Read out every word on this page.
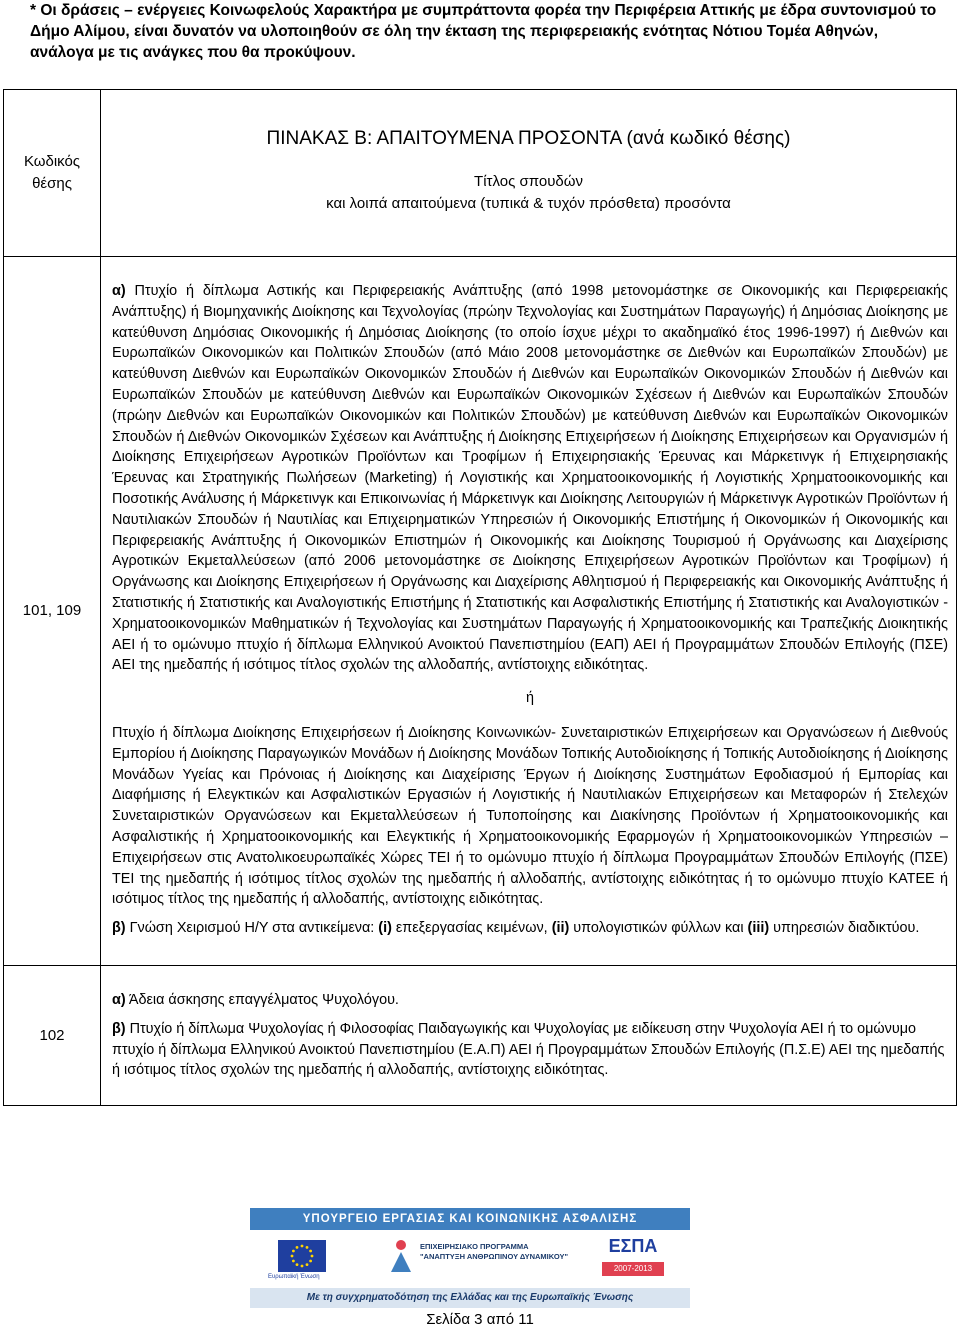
* Οι δράσεις – ενέργειες Κοινωφελούς Χαρακτήρα με συμπράττοντα φορέα την Περιφέρεια Αττικής με έδρα συντονισμού το Δήμο Αλίμου, είναι δυνατόν να υλοποιηθούν σε όλη την έκταση της περιφερειακής ενότητας Νότιου Τομέα Αθηνών, ανάλογα με τις ανάγκες που θα προκύψουν.
Κωδικός θέσης	ΠΙΝΑΚΑΣ Β: ΑΠΑΙΤΟΥΜΕΝΑ ΠΡΟΣΟΝΤΑ (ανά κωδικό θέσης)
Τίτλος σπουδών
και λοιπά απαιτούμενα (τυπικά & τυχόν πρόσθετα) προσόντα

101, 109	α) Πτυχίο ή δίπλωμα Αστικής και Περιφερειακής Ανάπτυξης (από 1998 μετονομάστηκε σε Οικονομικής και Περιφερειακής Ανάπτυξης) ή Βιομηχανικής Διοίκησης και Τεχνολογίας (πρώην Τεχνολογίας και Συστημάτων Παραγωγής) ή Δημόσιας Διοίκησης με κατεύθυνση Δημόσιας Οικονομικής ή Δημόσιας Διοίκησης (το οποίο ίσχυε μέχρι το ακαδημαϊκό έτος 1996-1997) ή Διεθνών και Ευρωπαϊκών Οικονομικών και Πολιτικών Σπουδών (από Μάιο 2008 μετονομάστηκε σε Διεθνών και Ευρωπαϊκών Σπουδών) με κατεύθυνση Διεθνών και Ευρωπαϊκών Οικονομικών Σπουδών ή Διεθνών και Ευρωπαϊκών Οικονομικών Σπουδών ή Διεθνών και Ευρωπαϊκών Σπουδών με κατεύθυνση Διεθνών και Ευρωπαϊκών Οικονομικών Σχέσεων ή Διεθνών και Ευρωπαϊκών Σπουδών (πρώην Διεθνών και Ευρωπαϊκών Οικονομικών και Πολιτικών Σπουδών) με κατεύθυνση Διεθνών και Ευρωπαϊκών Οικονομικών Σπουδών ή Διεθνών Οικονομικών Σχέσεων και Ανάπτυξης ή Διοίκησης Επιχειρήσεων ή Διοίκησης Επιχειρήσεων και Οργανισμών ή Διοίκησης Επιχειρήσεων Αγροτικών Προϊόντων και Τροφίμων ή Επιχειρησιακής Έρευνας και Μάρκετινγκ ή Επιχειρησιακής Έρευνας και Στρατηγικής Πωλήσεων (Marketing) ή Λογιστικής και Χρηματοοικονομικής ή Λογιστικής Χρηματοοικονομικής και Ποσοτικής Ανάλυσης ή Μάρκετινγκ και Επικοινωνίας ή Μάρκετινγκ και Διοίκησης Λειτουργιών ή Μάρκετινγκ Αγροτικών Προϊόντων ή Ναυτιλιακών Σπουδών ή Ναυτιλίας και Επιχειρηματικών Υπηρεσιών ή Οικονομικής Επιστήμης ή Οικονομικών ή Οικονομικής και Περιφερειακής Ανάπτυξης ή Οικονομικών Επιστημών ή Οικονομικής και Διοίκησης Τουρισμού ή Οργάνωσης και Διαχείρισης Αγροτικών Εκμεταλλεύσεων (από 2006 μετονομάστηκε σε Διοίκησης Επιχειρήσεων Αγροτικών Προϊόντων και Τροφίμων) ή Οργάνωσης και Διοίκησης Επιχειρήσεων ή Οργάνωσης και Διαχείρισης Αθλητισμού ή Περιφερειακής και Οικονομικής Ανάπτυξης ή Στατιστικής ή Στατιστικής και Αναλογιστικής Επιστήμης ή Στατιστικής και Ασφαλιστικής Επιστήμης ή Στατιστικής και Αναλογιστικών - Χρηματοοικονομικών Μαθηματικών ή Τεχνολογίας και Συστημάτων Παραγωγής ή Χρηματοοικονομικής και Τραπεζικής Διοικητικής ΑΕΙ ή το ομώνυμο πτυχίο ή δίπλωμα Ελληνικού Ανοικτού Πανεπιστημίου (ΕΑΠ) ΑΕΙ ή Προγραμμάτων Σπουδών Επιλογής (ΠΣΕ) ΑΕΙ της ημεδαπής ή ισότιμος τίτλος σχολών της αλλοδαπής, αντίστοιχης ειδικότητας.

ή

Πτυχίο ή δίπλωμα Διοίκησης Επιχειρήσεων ή Διοίκησης Κοινωνικών- Συνεταιριστικών Επιχειρήσεων και Οργανώσεων ή Διεθνούς Εμπορίου ή Διοίκησης Παραγωγικών Μονάδων ή Διοίκησης Μονάδων Τοπικής Αυτοδιοίκησης ή Τοπικής Αυτοδιοίκησης ή Διοίκησης Μονάδων Υγείας και Πρόνοιας ή Διοίκησης και Διαχείρισης Έργων ή Διοίκησης Συστημάτων Εφοδιασμού ή Εμπορίας και Διαφήμισης ή Ελεγκτικών και Ασφαλιστικών Εργασιών ή Λογιστικής ή Ναυτιλιακών Επιχειρήσεων και Μεταφορών ή Στελεχών Συνεταιριστικών Οργανώσεων και Εκμεταλλεύσεων ή Τυποποίησης και Διακίνησης Προϊόντων ή Χρηματοοικονομικής και Ασφαλιστικής ή Χρηματοοικονομικής και Ελεγκτικής ή Χρηματοοικονομικής Εφαρμογών ή Χρηματοοικονομικών Υπηρεσιών – Επιχειρήσεων στις Ανατολικοευρωπαϊκές Χώρες ΤΕΙ ή το ομώνυμο πτυχίο ή δίπλωμα Προγραμμάτων Σπουδών Επιλογής (ΠΣΕ) ΤΕΙ της ημεδαπής ή ισότιμος τίτλος σχολών της ημεδαπής ή αλλοδαπής, αντίστοιχης ειδικότητας ή το ομώνυμο πτυχίο ΚΑΤΕΕ ή ισότιμος τίτλος της ημεδαπής ή αλλοδαπής, αντίστοιχης ειδικότητας.

β) Γνώση Χειρισμού Η/Υ στα αντικείμενα: (i) επεξεργασίας κειμένων, (ii) υπολογιστικών φύλλων και (iii) υπηρεσιών διαδικτύου.

102	α) Άδεια άσκησης επαγγέλματος Ψυχολόγου.

β) Πτυχίο ή δίπλωμα Ψυχολογίας ή Φιλοσοφίας Παιδαγωγικής και Ψυχολογίας με ειδίκευση στην Ψυχολογία ΑΕΙ ή το ομώνυμο πτυχίο ή δίπλωμα Ελληνικού Ανοικτού Πανεπιστημίου (Ε.Α.Π) ΑΕΙ ή Προγραμμάτων Σπουδών Επιλογής (Π.Σ.Ε) ΑΕΙ της ημεδαπής ή ισότιμος τίτλος σχολών της ημεδαπής ή αλλοδαπής, αντίστοιχης ειδικότητας.

ΥΠΟΥΡΓΕΙΟ ΕΡΓΑΣΙΑΣ ΚΑΙ ΚΟΙΝΩΝΙΚΗΣ ΑΣΦΑΛΙΣΗΣ
Ευρωπαϊκή Ένωση
ΕΠΙΧΕΙΡΗΣΙΑΚΟ ΠΡΟΓΡΑΜΜΑ
"ΑΝΑΠΤΥΞΗ ΑΝΘΡΩΠΙΝΟΥ ΔΥΝΑΜΙΚΟΥ"
ΕΣΠΑ
2007-2013
Με τη συγχρηματοδότηση της Ελλάδας και της Ευρωπαϊκής Ένωσης
Σελίδα 3 από 11
